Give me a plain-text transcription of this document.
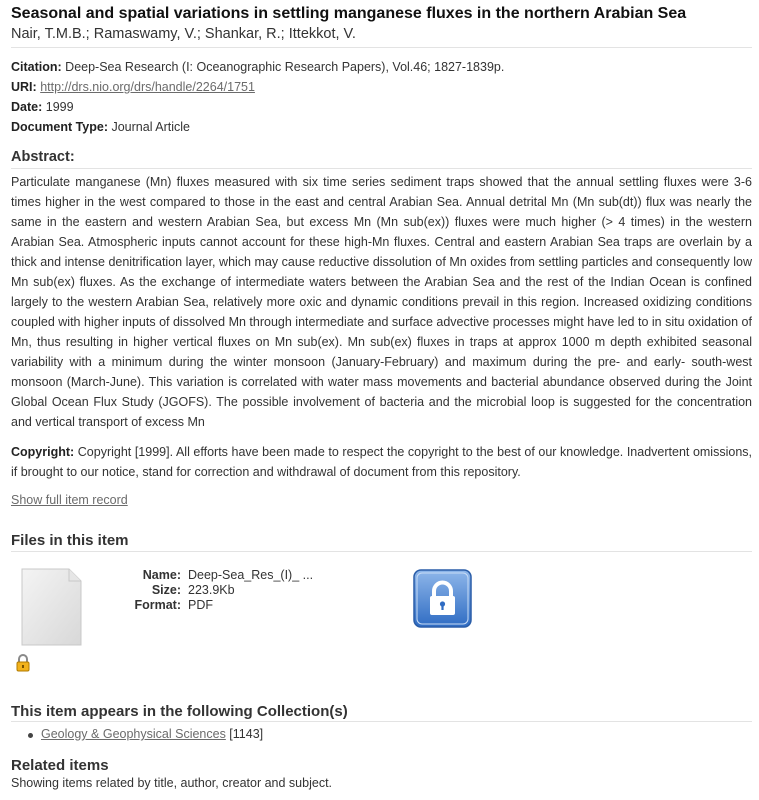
Seasonal and spatial variations in settling manganese fluxes in the northern Arabian Sea
Nair, T.M.B.; Ramaswamy, V.; Shankar, R.; Ittekkot, V.
Citation: Deep-Sea Research (I: Oceanographic Research Papers), Vol.46; 1827-1839p.
URI: http://drs.nio.org/drs/handle/2264/1751
Date: 1999
Document Type: Journal Article
Abstract:
Particulate manganese (Mn) fluxes measured with six time series sediment traps showed that the annual settling fluxes were 3-6 times higher in the west compared to those in the east and central Arabian Sea. Annual detrital Mn (Mn sub(dt)) flux was nearly the same in the eastern and western Arabian Sea, but excess Mn (Mn sub(ex)) fluxes were much higher (> 4 times) in the western Arabian Sea. Atmospheric inputs cannot account for these high-Mn fluxes. Central and eastern Arabian Sea traps are overlain by a thick and intense denitrification layer, which may cause reductive dissolution of Mn oxides from settling particles and consequently low Mn sub(ex) fluxes. As the exchange of intermediate waters between the Arabian Sea and the rest of the Indian Ocean is confined largely to the western Arabian Sea, relatively more oxic and dynamic conditions prevail in this region. Increased oxidizing conditions coupled with higher inputs of dissolved Mn through intermediate and surface advective processes might have led to in situ oxidation of Mn, thus resulting in higher vertical fluxes on Mn sub(ex). Mn sub(ex) fluxes in traps at approx 1000 m depth exhibited seasonal variability with a minimum during the winter monsoon (January-February) and maximum during the pre- and early- south-west monsoon (March-June). This variation is correlated with water mass movements and bacterial abundance observed during the Joint Global Ocean Flux Study (JGOFS). The possible involvement of bacteria and the microbial loop is suggested for the concentration and vertical transport of excess Mn
Copyright: Copyright [1999]. All efforts have been made to respect the copyright to the best of our knowledge. Inadvertent omissions, if brought to our notice, stand for correction and withdrawal of document from this repository.
Show full item record
Files in this item
Name: Deep-Sea_Res_(I)_ ...
Size: 223.9Kb
Format: PDF
This item appears in the following Collection(s)
Geology & Geophysical Sciences [1143]
Related items
Showing items related by title, author, creator and subject.
